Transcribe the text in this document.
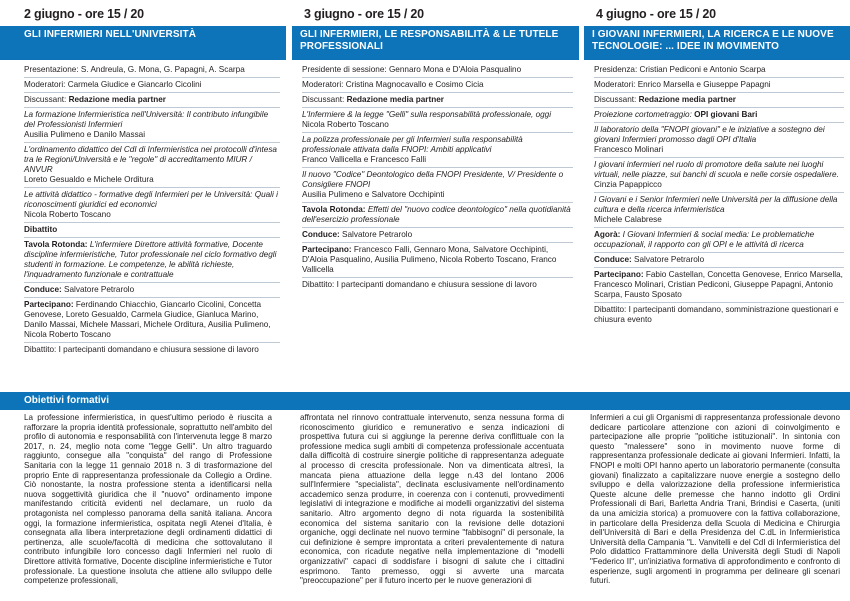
2 giugno - ore 15 / 20
GLI INFERMIERI NELL'UNIVERSITÀ
Presentazione: S. Andreula, G. Mona, G. Papagni, A. Scarpa
Moderatori: Carmela Giudice e Giancarlo Cicolini
Discussant: Redazione media partner
La formazione Infermieristica nell'Università: Il contributo infungibile del Professionisti Infermieri
Ausilia Pulimeno e Danilo Massai
L'ordinamento didattico del CdI di Infermieristica nei protocolli d'intesa tra le Regioni/Università e le "regole" di accreditamento MIUR / ANVUR
Loreto Gesualdo e Michele Orditura
Le attività didattico - formative degli Infermieri per le Università: Quali i riconoscimenti giuridici ed economici
Nicola Roberto Toscano
Dibattito
Tavola Rotonda: L'infermiere Direttore attività formative, Docente discipline infermieristiche, Tutor professionale nel ciclo formativo degli studenti in formazione. Le competenze, le abilità richieste, l'inquadramento funzionale e contrattuale
Conduce: Salvatore Petrarolo
Partecipano: Ferdinando Chiacchio, Giancarlo Cicolini, Concetta Genovese, Loreto Gesualdo, Carmela Giudice, Gianluca Marino, Danilo Massai, Michele Massari, Michele Orditura, Ausilia Pulimeno, Nicola Roberto Toscano
Dibattito: I partecipanti domandano e chiusura sessione di lavoro
3 giugno - ore 15 / 20
GLI INFERMIERI, LE RESPONSABILITÀ & LE TUTELE PROFESSIONALI
Presidente di sessione: Gennaro Mona e D'Aloia Pasqualino
Moderatori: Cristina Magnocavallo e Cosimo Cicia
Discussant: Redazione media partner
L'Infermiere & la legge "Gelli" sulla responsabilità professionale, oggi
Nicola Roberto Toscano
La polizza professionale per gli Infermieri sulla responsabilità professionale attivata dalla FNOPI: Ambiti applicativi
Franco Vallicella e Francesco Falli
Il nuovo "Codice" Deontologico della FNOPI Presidente, V/ Presidente o Consigliere FNOPI
Ausilia Pulimeno e Salvatore Occhipinti
Tavola Rotonda: Effetti del "nuovo codice deontologico" nella quotidianità dell'esercizio professionale
Conduce: Salvatore Petrarolo
Partecipano: Francesco Falli, Gennaro Mona, Salvatore Occhipinti, D'Aloia Pasqualino, Ausilia Pulimeno, Nicola Roberto Toscano, Franco Vallicella
Dibattito: I partecipanti domandano e chiusura sessione di lavoro
4 giugno - ore 15 / 20
I GIOVANI INFERMIERI, LA RICERCA E LE NUOVE TECNOLOGIE: ... IDEE IN MOVIMENTO
Presidenza: Cristian Pediconi e Antonio Scarpa
Moderatori: Enrico Marsella e Giuseppe Papagni
Discussant: Redazione media partner
Proiezione cortometraggio: OPI giovani Bari
Il laboratorio della "FNOPI giovani" e le iniziative a sostegno dei giovani Infermieri promosso dagli OPI d'Italia
Francesco Molinari
I giovani infermieri nel ruolo di promotore della salute nei luoghi virtuali, nelle piazze, sui banchi di scuola e nelle corsie ospedaliere.
Cinzia Papappicco
I Giovani e i Senior Infermieri nelle Università per la diffusione della cultura e della ricerca infermieristica
Michele Calabrese
Agorà: I Giovani Infermieri & social media: Le problematiche occupazionali, il rapporto con gli OPI e le attività di ricerca
Conduce: Salvatore Petrarolo
Partecipano: Fabio Castellan, Concetta Genovese, Enrico Marsella, Francesco Molinari, Cristian Pediconi, Giuseppe Papagni, Antonio Scarpa, Fausto Sposato
Dibattito: I partecipanti domandano, somministrazione questionari e chiusura evento
Obiettivi formativi
La professione infermieristica, in quest'ultimo periodo è riuscita a rafforzare la propria identità professionale, soprattutto nell'ambito del profilo di autonomia e responsabilità con l'intervenuta legge 8 marzo 2017, n. 24, meglio nota come "legge Gelli". Un altro traguardo raggiunto, consegue alla "conquista" del rango di Professione Sanitaria con la legge 11 gennaio 2018 n. 3 di trasformazione del proprio Ente di rappresentanza professionale da Collegio a Ordine. Ciò nonostante, la nostra professione stenta a identificarsi nella nuova soggettività giuridica che il "nuovo" ordinamento impone manifestando criticità evidenti nel declamare, un ruolo da protagonista nel complesso panorama della sanità italiana. Ancora oggi, la formazione infermieristica, ospitata negli Atenei d'Italia, è consegnata alla libera interpretazione degli ordinamenti didattici di pertinenza, alle scuole/facoltà di medicina che sottovalutano il contributo infungibile loro concesso dagli Infermieri nel ruolo di Direttore attività formative, Docente discipline infermieristiche e Tutor professionale. La questione insoluta che attiene allo sviluppo delle competenze professionali,
affrontata nel rinnovo contrattuale intervenuto, senza nessuna forma di riconoscimento giuridico e remunerativo e senza indicazioni di prospettiva futura cui si aggiunge la perenne deriva conflittuale con la professione medica sugli ambiti di competenza professionale accentuata dalla difficoltà di costruire sinergie politiche di rappresentanza adeguate al processo di crescita professionale. Non va dimenticata altresì, la mancata piena attuazione della legge n.43 del lontano 2006 sull'Infermiere "specialista", declinata esclusivamente nell'ordinamento accademico senza produrre, in coerenza con i contenuti, provvedimenti legislativi di integrazione e modifiche ai modelli organizzativi del sistema sanitario. Altro argomento degno di nota riguarda la sostenibilità economica del sistema sanitario con la revisione delle dotazioni organiche, oggi declinate nel nuovo termine "fabbisogni" di personale, la cui definizione è sempre improntata a criteri prevalentemente di natura economica, con ricadute negative nella implementazione di "modelli organizzativi" capaci di soddisfare i bisogni di salute che i cittadini esprimono. Tanto premesso, oggi si avverte una marcata "preoccupazione" per il futuro incerto per le nuove generazioni di
Infermieri a cui gli Organismi di rappresentanza professionale devono dedicare particolare attenzione con azioni di coinvolgimento e partecipazione alle proprie "politiche istituzionali". In sintonia con questo "malessere" sono in movimento nuove forme di rappresentanza professionale dedicate ai giovani Infermieri. Infatti, la FNOPI e molti OPI hanno aperto un laboratorio permanente (consulta giovani) finalizzato a capitalizzare nuove energie a sostegno dello sviluppo e della valorizzazione della professione infermieristica Queste alcune delle premesse che hanno indotto gli Ordini Professionali di Bari, Barletta Andria Trani, Brindisi e Caserta, (uniti da una amicizia storica) a promuovere con la fattiva collaborazione, in particolare della Presidenza della Scuola di Medicina e Chirurgia dell'Università di Bari e della Presidenza del C.dL in Infermieristica Università della Campania "L. Vanvitelli e del CdI di Infermieristica del Polo didattico Frattamminore della Università degli Studi di Napoli "Federico II", un'iniziativa formativa di approfondimento e confronto di esperienze, sugli argomenti in programma per delineare gli scenari futuri.
